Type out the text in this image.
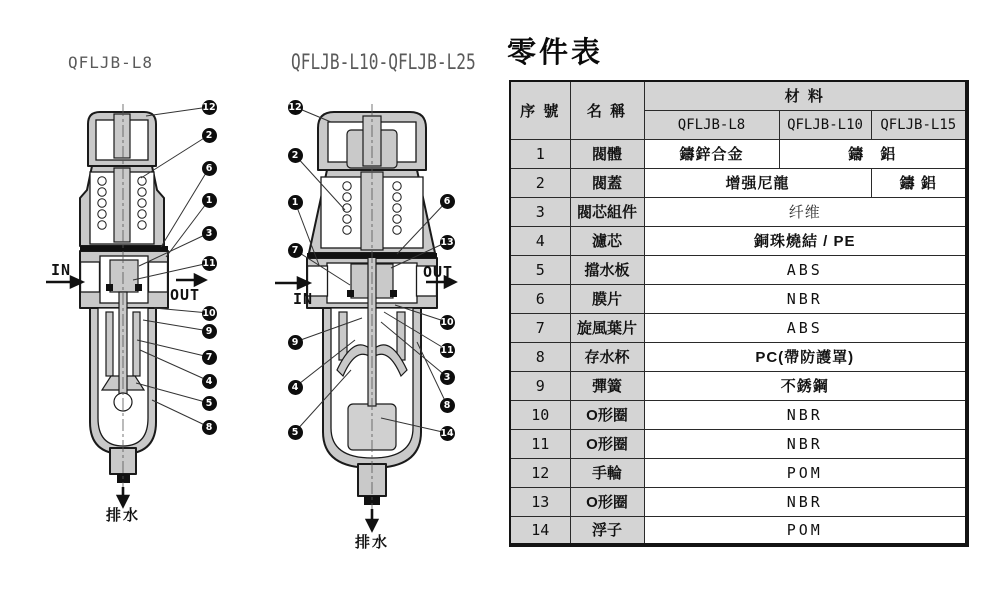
QFLJB-L8
IN
OUT
排水
12
2
6
1
3
11
10
9
7
4
5
8
QFLJB-L10-QFLJB-L25
IN
OUT
排水
12
2
1
7
9
4
5
6
13
10
11
3
8
14
零件表
序 號	名 稱	材 料		
		QFLJB-L8	QFLJB-L10	QFLJB-L15
1	閥體	鑄鋅合金	鑄　鋁	
2	閥蓋	增强尼龍		鑄 鋁
3	閥芯組件	纤维		
4	濾芯	銅珠燒結 / PE		
5	擋水板	ABS		
6	膜片	NBR		
7	旋風葉片	ABS		
8	存水杯	PC(帶防護罩)		
9	彈簧	不銹鋼		
10	O形圈	NBR		
11	O形圈	NBR		
12	手輪	POM		
13	O形圈	NBR		
14	浮子	POM		
